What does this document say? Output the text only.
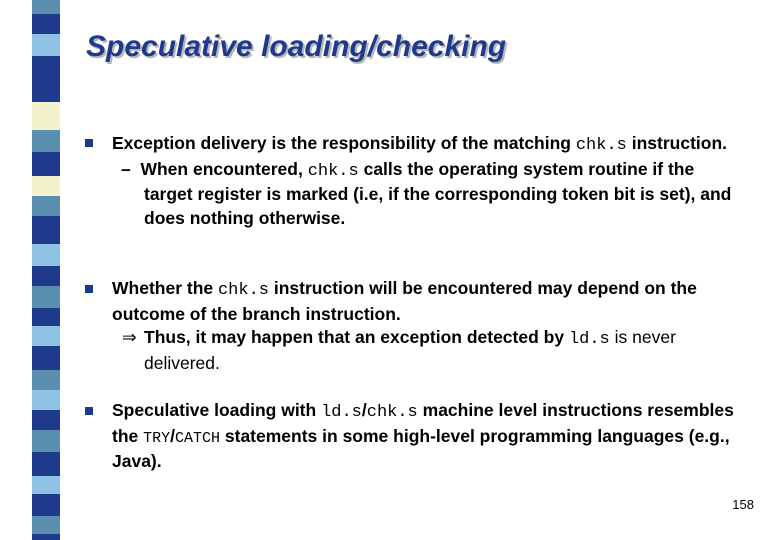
Speculative loading/checking
Exception delivery is the responsibility of the matching chk.s instruction.
– When encountered, chk.s calls the operating system routine if the target register is marked (i.e, if the corresponding token bit is set), and does nothing otherwise.
Whether the chk.s instruction will be encountered may depend on the outcome of the branch instruction.
⇒ Thus, it may happen that an exception detected by ld.s is never delivered.
Speculative loading with ld.s/chk.s machine level instructions resembles the TRY/CATCH statements in some high-level programming languages (e.g., Java).
158
